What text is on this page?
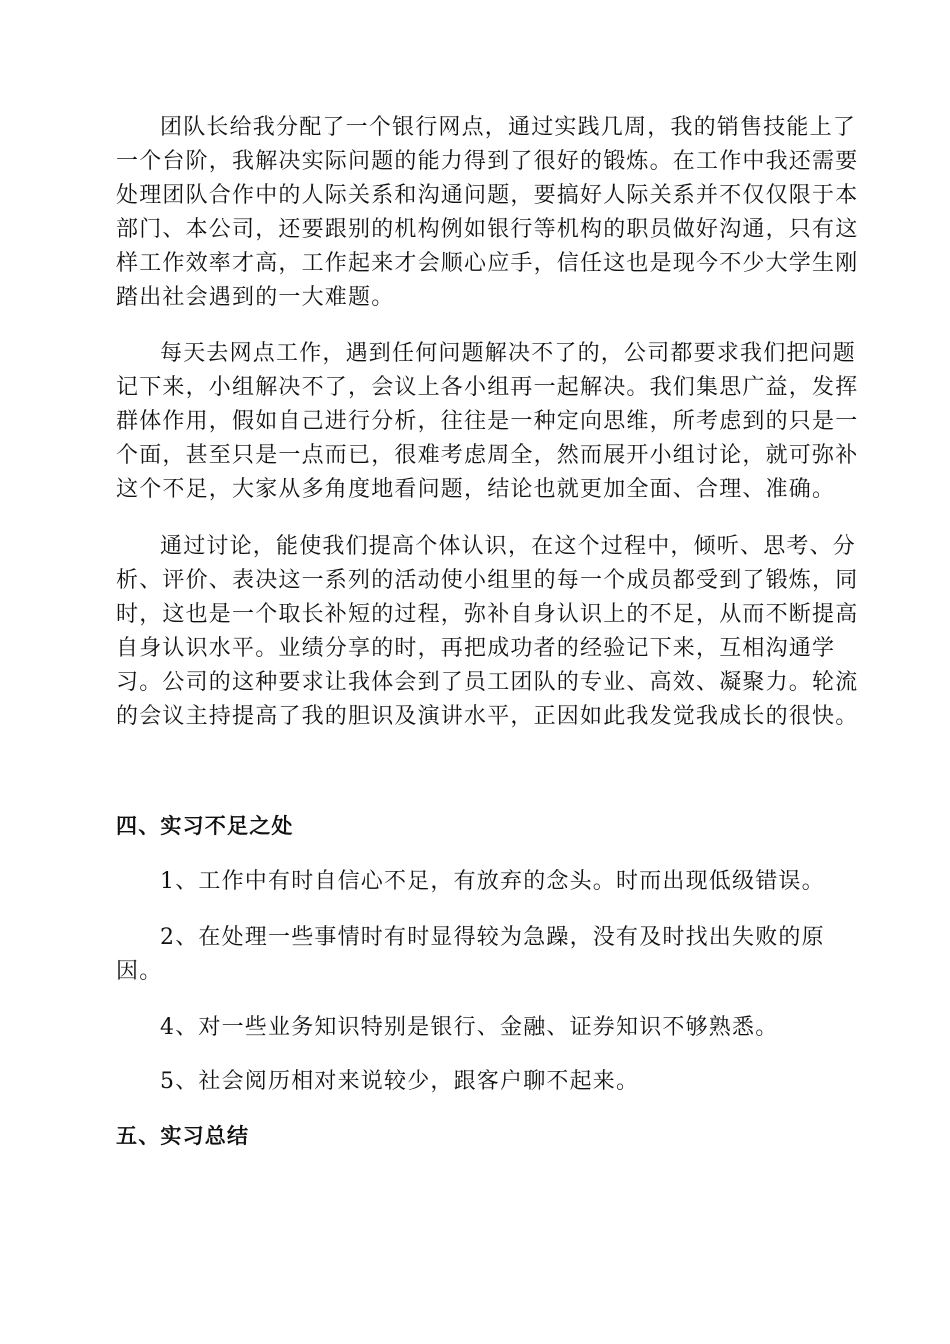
团队长给我分配了一个银行网点，通过实践几周，我的销售技能上了
一个台阶，我解决实际问题的能力得到了很好的锻炼。在工作中我还需要
处理团队合作中的人际关系和沟通问题，要搞好人际关系并不仅仅限于本
部门、本公司，还要跟别的机构例如银行等机构的职员做好沟通，只有这
样工作效率才高，工作起来才会顺心应手，信任这也是现今不少大学生刚
踏出社会遇到的一大难题。
每天去网点工作，遇到任何问题解决不了的，公司都要求我们把问题
记下来，小组解决不了，会议上各小组再一起解决。我们集思广益，发挥
群体作用，假如自己进行分析，往往是一种定向思维，所考虑到的只是一
个面，甚至只是一点而已，很难考虑周全，然而展开小组讨论，就可弥补
这个不足，大家从多角度地看问题，结论也就更加全面、合理、准确。
通过讨论，能使我们提高个体认识，在这个过程中，倾听、思考、分
析、评价、表决这一系列的活动使小组里的每一个成员都受到了锻炼，同
时，这也是一个取长补短的过程，弥补自身认识上的不足，从而不断提高
自身认识水平。业绩分享的时，再把成功者的经验记下来，互相沟通学
习。公司的这种要求让我体会到了员工团队的专业、高效、凝聚力。轮流
的会议主持提高了我的胆识及演讲水平，正因如此我发觉我成长的很快。
四、实习不足之处
1、工作中有时自信心不足，有放弃的念头。时而出现低级错误。
2、在处理一些事情时有时显得较为急躁，没有及时找出失败的原
因。
4、对一些业务知识特别是银行、金融、证券知识不够熟悉。
5、社会阅历相对来说较少，跟客户聊不起来。
五、实习总结
